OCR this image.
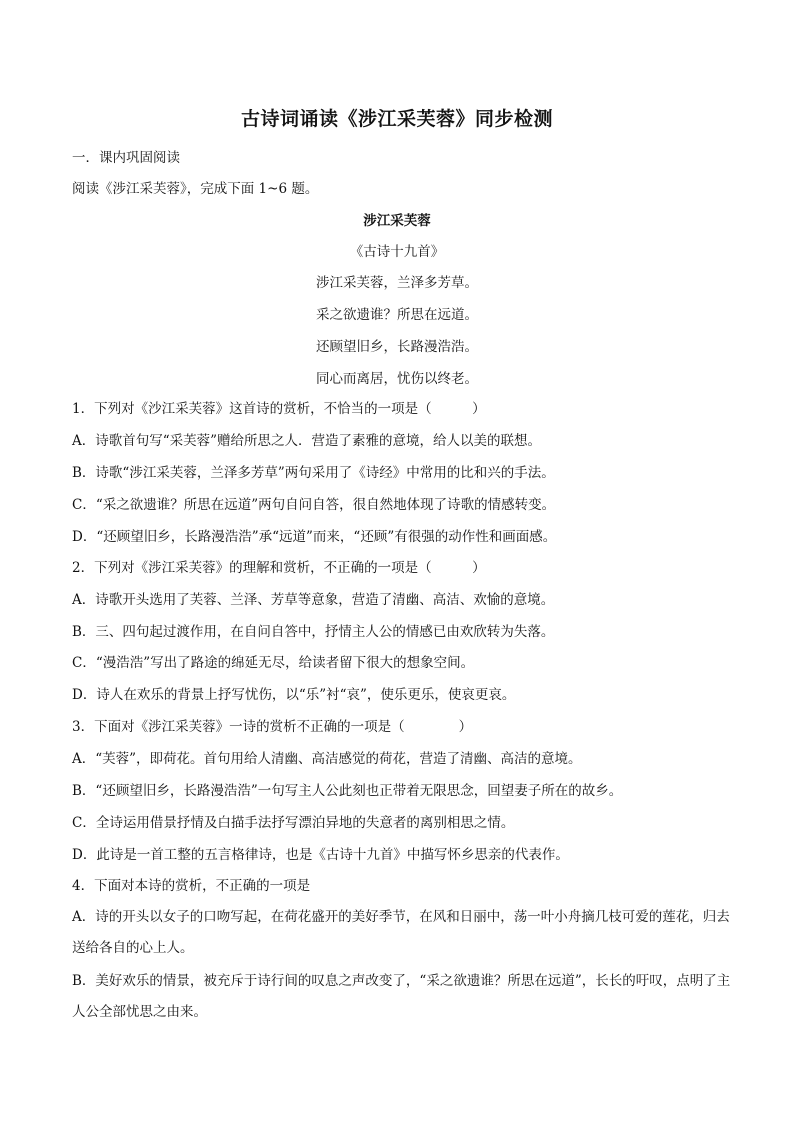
古诗词诵读《涉江采芙蓉》同步检测
一．课内巩固阅读
阅读《涉江采芙蓉》，完成下面 1~6 题。
涉江采芙蓉
《古诗十九首》
涉江采芙蓉，兰泽多芳草。
采之欲遗谁？所思在远道。
还顾望旧乡，长路漫浩浩。
同心而离居，忧伤以终老。
1．下列对《沙江采芙蓉》这首诗的赏析，不恰当的一项是（　　　）
A．诗歌首句写“采芙蓉”赠给所思之人．营造了素雅的意境，给人以美的联想。
B．诗歌“涉江采芙蓉，兰泽多芳草”两句采用了《诗经》中常用的比和兴的手法。
C．“采之欲遗谁？所思在远道”两句自问自答，很自然地体现了诗歌的情感转变。
D．“还顾望旧乡，长路漫浩浩”承“远道”而来，“还顾”有很强的动作性和画面感。
2．下列对《涉江采芙蓉》的理解和赏析，不正确的一项是（　　　）
A．诗歌开头选用了芙蓉、兰泽、芳草等意象，营造了清幽、高洁、欢愉的意境。
B．三、四句起过渡作用，在自问自答中，抒情主人公的情感已由欢欣转为失落。
C．“漫浩浩”写出了路途的绵延无尽，给读者留下很大的想象空间。
D．诗人在欢乐的背景上抒写忧伤，以“乐”衬“哀”，使乐更乐，使哀更哀。
3．下面对《涉江采芙蓉》一诗的赏析不正确的一项是（　　　　）
A．“芙蓉”，即荷花。首句用给人清幽、高洁感觉的荷花，营造了清幽、高洁的意境。
B．“还顾望旧乡，长路漫浩浩”一句写主人公此刻也正带着无限思念，回望妻子所在的故乡。
C．全诗运用借景抒情及白描手法抒写漂泊异地的失意者的离别相思之情。
D．此诗是一首工整的五言格律诗，也是《古诗十九首》中描写怀乡思亲的代表作。
4．下面对本诗的赏析，不正确的一项是
A．诗的开头以女子的口吻写起，在荷花盛开的美好季节，在风和日丽中，荡一叶小舟摘几枝可爱的莲花，归去送给各自的心上人。
B．美好欢乐的情景，被充斥于诗行间的叹息之声改变了，“采之欲遗谁？所思在远道”，长长的吁叹，点明了主人公全部忧思之由来。
